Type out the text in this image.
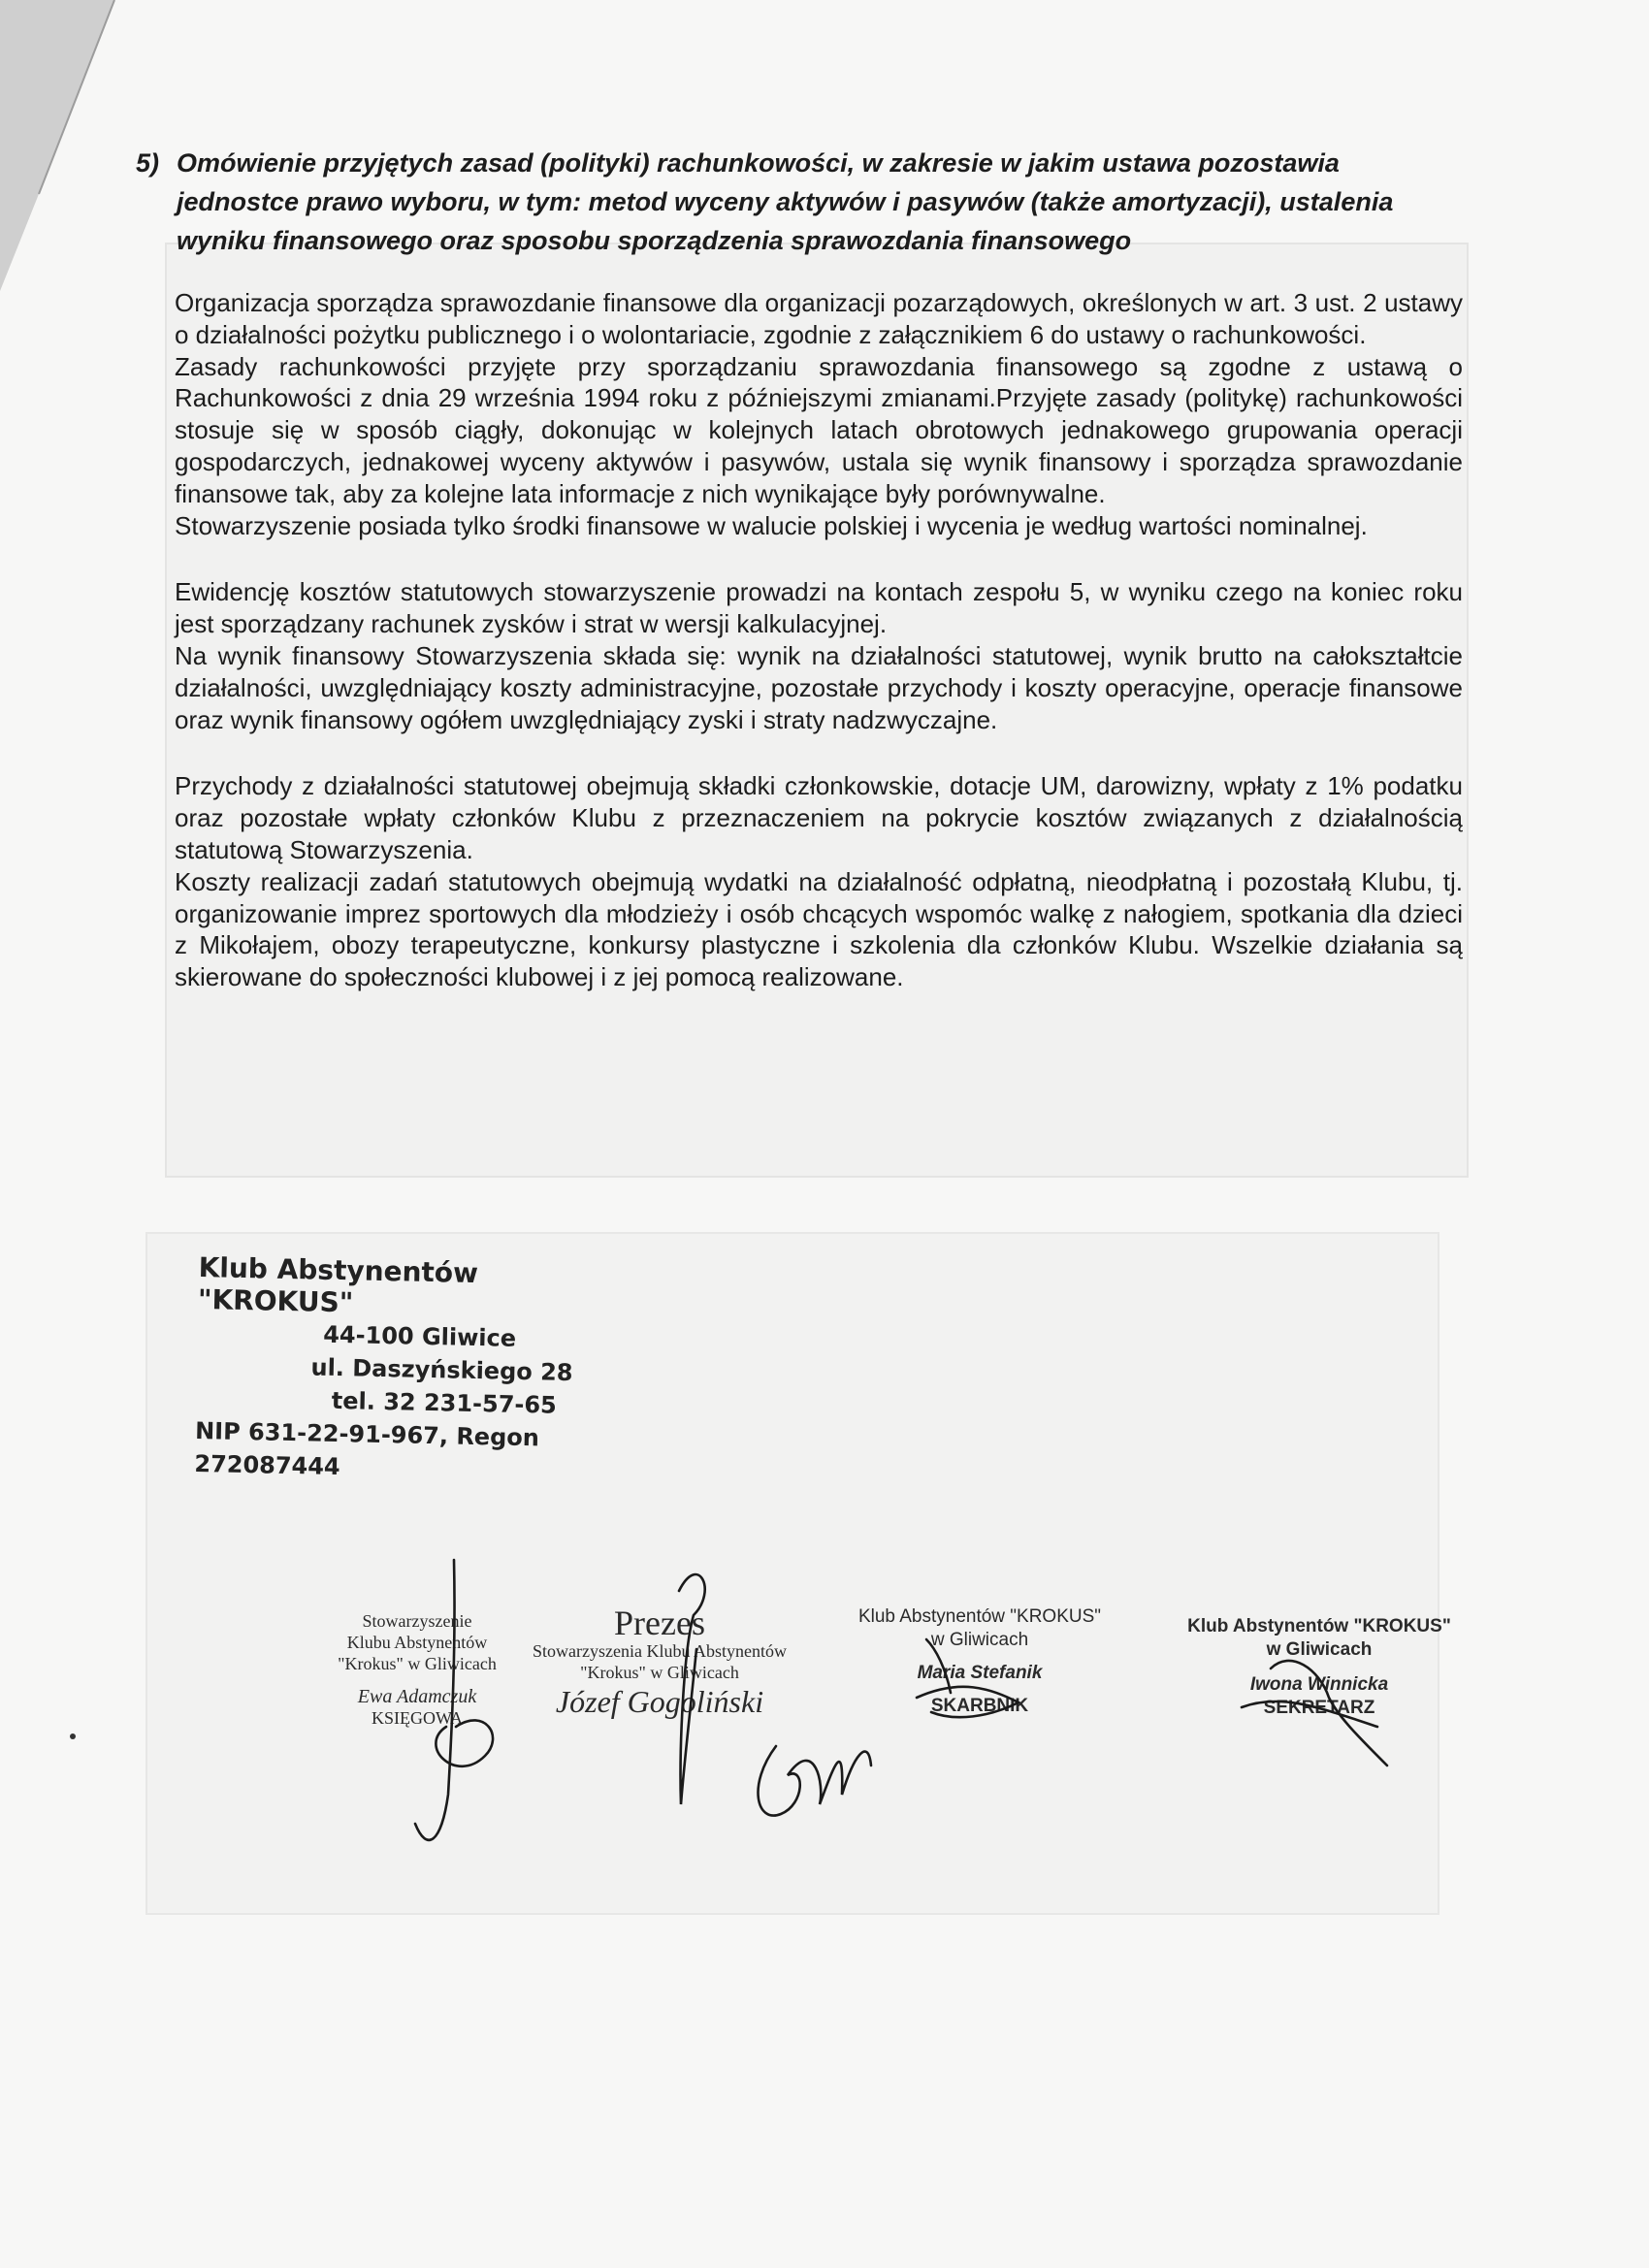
5) Omówienie przyjętych zasad (polityki) rachunkowości, w zakresie w jakim ustawa pozostawia jednostce prawo wyboru, w tym: metod wyceny aktywów i pasywów (także amortyzacji), ustalenia wyniku finansowego oraz sposobu sporządzenia sprawozdania finansowego

Organizacja sporządza sprawozdanie finansowe dla organizacji pozarządowych, określonych w art. 3 ust. 2 ustawy o działalności pożytku publicznego i o wolontariacie, zgodnie z załącznikiem 6 do ustawy o rachunkowości.

Zasady rachunkowości przyjęte przy sporządzaniu sprawozdania finansowego są zgodne z ustawą o Rachunkowości z dnia 29 września 1994 roku z późniejszymi zmianami.Przyjęte zasady (politykę) rachunkowości stosuje się w sposób ciągły, dokonując w kolejnych latach obrotowych jednakowego grupowania operacji gospodarczych, jednakowej wyceny aktywów i pasywów, ustala się wynik finansowy i sporządza sprawozdanie finansowe tak, aby za kolejne lata informacje z nich wynikające były porównywalne.

Stowarzyszenie posiada tylko środki finansowe w walucie polskiej i wycenia je według wartości nominalnej.

Ewidencję kosztów statutowych stowarzyszenie prowadzi na kontach zespołu 5, w wyniku czego na koniec roku jest sporządzany rachunek zysków i strat w wersji kalkulacyjnej.

Na wynik finansowy Stowarzyszenia składa się: wynik na działalności statutowej, wynik brutto na całokształtcie działalności, uwzględniający koszty administracyjne, pozostałe przychody i koszty operacyjne, operacje finansowe oraz wynik finansowy ogółem uwzględniający zyski i straty nadzwyczajne.

Przychody z działalności statutowej obejmują składki członkowskie, dotacje UM, darowizny, wpłaty z 1% podatku oraz pozostałe wpłaty członków Klubu z przeznaczeniem na pokrycie kosztów związanych z działalnością statutową Stowarzyszenia.

Koszty realizacji zadań statutowych obejmują wydatki na działalność odpłatną, nieodpłatną i pozostałą Klubu, tj. organizowanie imprez sportowych dla młodzieży i osób chcących wspomóc walkę z nałogiem, spotkania dla dzieci z Mikołajem, obozy terapeutyczne, konkursy plastyczne i szkolenia dla członków Klubu. Wszelkie działania są skierowane do społeczności klubowej i z jej pomocą realizowane.

Klub Abstynentów "KROKUS"
44-100 Gliwice
ul. Daszyńskiego 28
tel. 32 231-57-65
NIP 631-22-91-967, Regon 272087444
Stowarzyszenie
Klubu Abstynentów
"Krokus" w Gliwicach
Ewa Adamczuk
KSIĘGOWA
Prezes
Stowarzyszenia Klubu Abstynentów
"Krokus" w Gliwicach
Józef Gogoliński
Klub Abstynentów "KROKUS"
w Gliwicach
Maria Stefanik
SKARBNIK
Klub Abstynentów "KROKUS"
w Gliwicach
Iwona Winnicka
SEKRETARZ
